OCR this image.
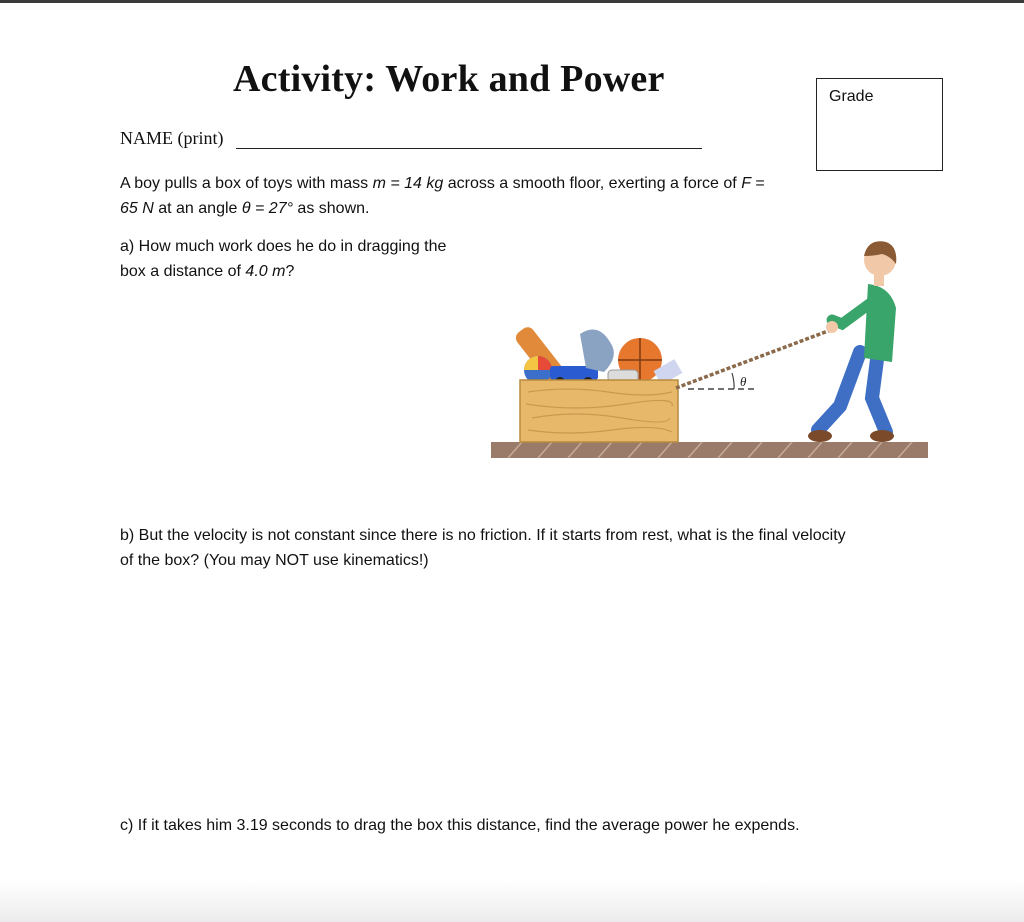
Activity: Work and Power	Grade
NAME (print)
A boy pulls a box of toys with mass m = 14 kg across a smooth floor, exerting a force of F =
65 N at an angle θ = 27° as shown.
a) How much work does he do in dragging the
box a distance of 4.0 m?
b) But the velocity is not constant since there is no friction. If it starts from rest, what is the final velocity
of the box? (You may NOT use kinematics!)
c) If it takes him 3.19 seconds to drag the box this distance, find the average power he expends.
θ
